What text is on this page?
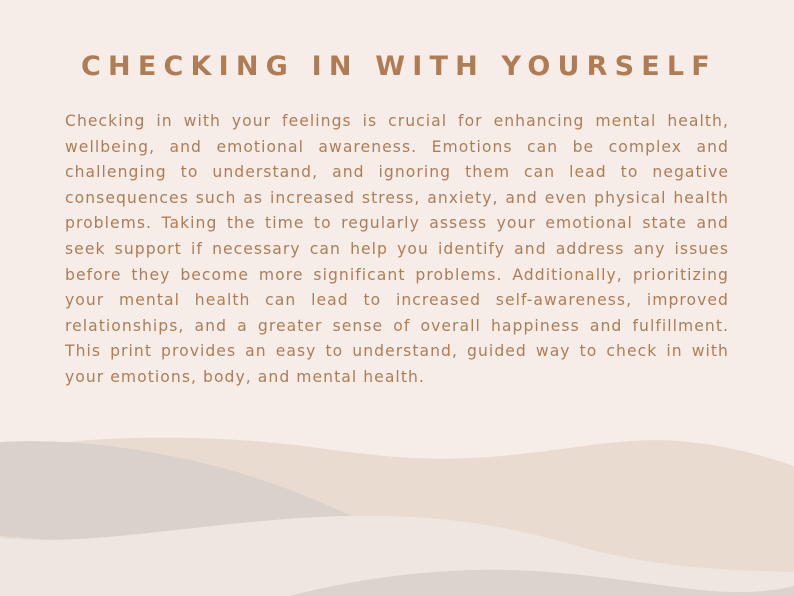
CHECKING IN WITH YOURSELF

Checking in with your feelings is crucial for enhancing mental health, wellbeing, and emotional awareness. Emotions can be complex and challenging to understand, and ignoring them can lead to negative consequences such as increased stress, anxiety, and even physical health problems. Taking the time to regularly assess your emotional state and seek support if necessary can help you identify and address any issues before they become more significant problems. Additionally, prioritizing your mental health can lead to increased self-awareness, improved relationships, and a greater sense of overall happiness and fulfillment. This print provides an easy to understand, guided way to check in with your emotions, body, and mental health.
